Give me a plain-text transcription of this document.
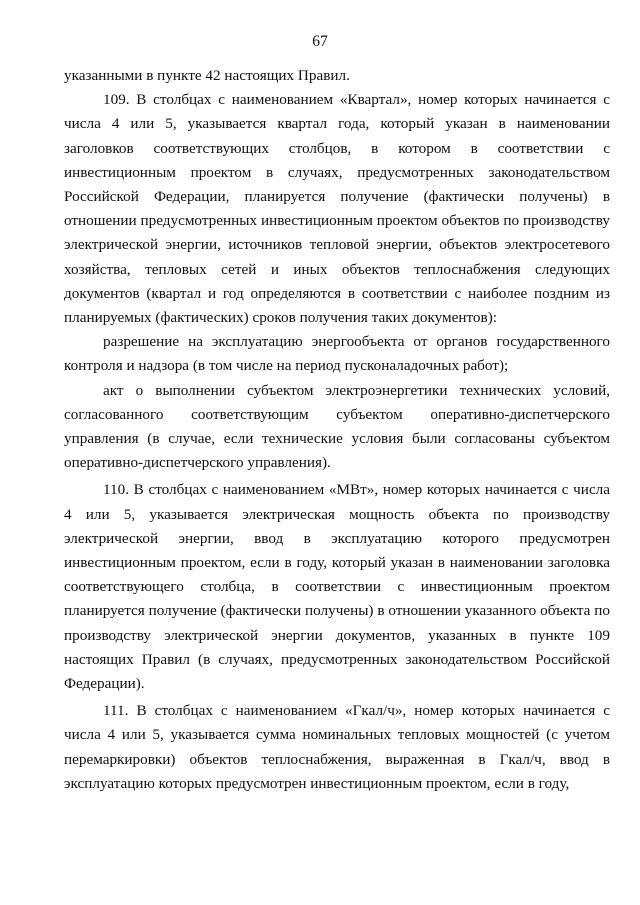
67

указанными в пункте 42 настоящих Правил.

109. В столбцах с наименованием «Квартал», номер которых начинается с числа 4 или 5, указывается квартал года, который указан в наименовании заголовков соответствующих столбцов, в котором в соответствии с инвестиционным проектом в случаях, предусмотренных законодательством Российской Федерации, планируется получение (фактически получены) в отношении предусмотренных инвестиционным проектом объектов по производству электрической энергии, источников тепловой энергии, объектов электросетевого хозяйства, тепловых сетей и иных объектов теплоснабжения следующих документов (квартал и год определяются в соответствии с наиболее поздним из планируемых (фактических) сроков получения таких документов):

разрешение на эксплуатацию энергообъекта от органов государственного контроля и надзора (в том числе на период пусконаладочных работ);

акт о выполнении субъектом электроэнергетики технических условий, согласованного соответствующим субъектом оперативно-диспетчерского управления (в случае, если технические условия были согласованы субъектом оперативно-диспетчерского управления).

110. В столбцах с наименованием «МВт», номер которых начинается с числа 4 или 5, указывается электрическая мощность объекта по производству электрической энергии, ввод в эксплуатацию которого предусмотрен инвестиционным проектом, если в году, который указан в наименовании заголовка соответствующего столбца, в соответствии с инвестиционным проектом планируется получение (фактически получены) в отношении указанного объекта по производству электрической энергии документов, указанных в пункте 109 настоящих Правил (в случаях, предусмотренных законодательством Российской Федерации).

111. В столбцах с наименованием «Гкал/ч», номер которых начинается с числа 4 или 5, указывается сумма номинальных тепловых мощностей (с учетом перемаркировки) объектов теплоснабжения, выраженная в Гкал/ч, ввод в эксплуатацию которых предусмотрен инвестиционным проектом, если в году,
